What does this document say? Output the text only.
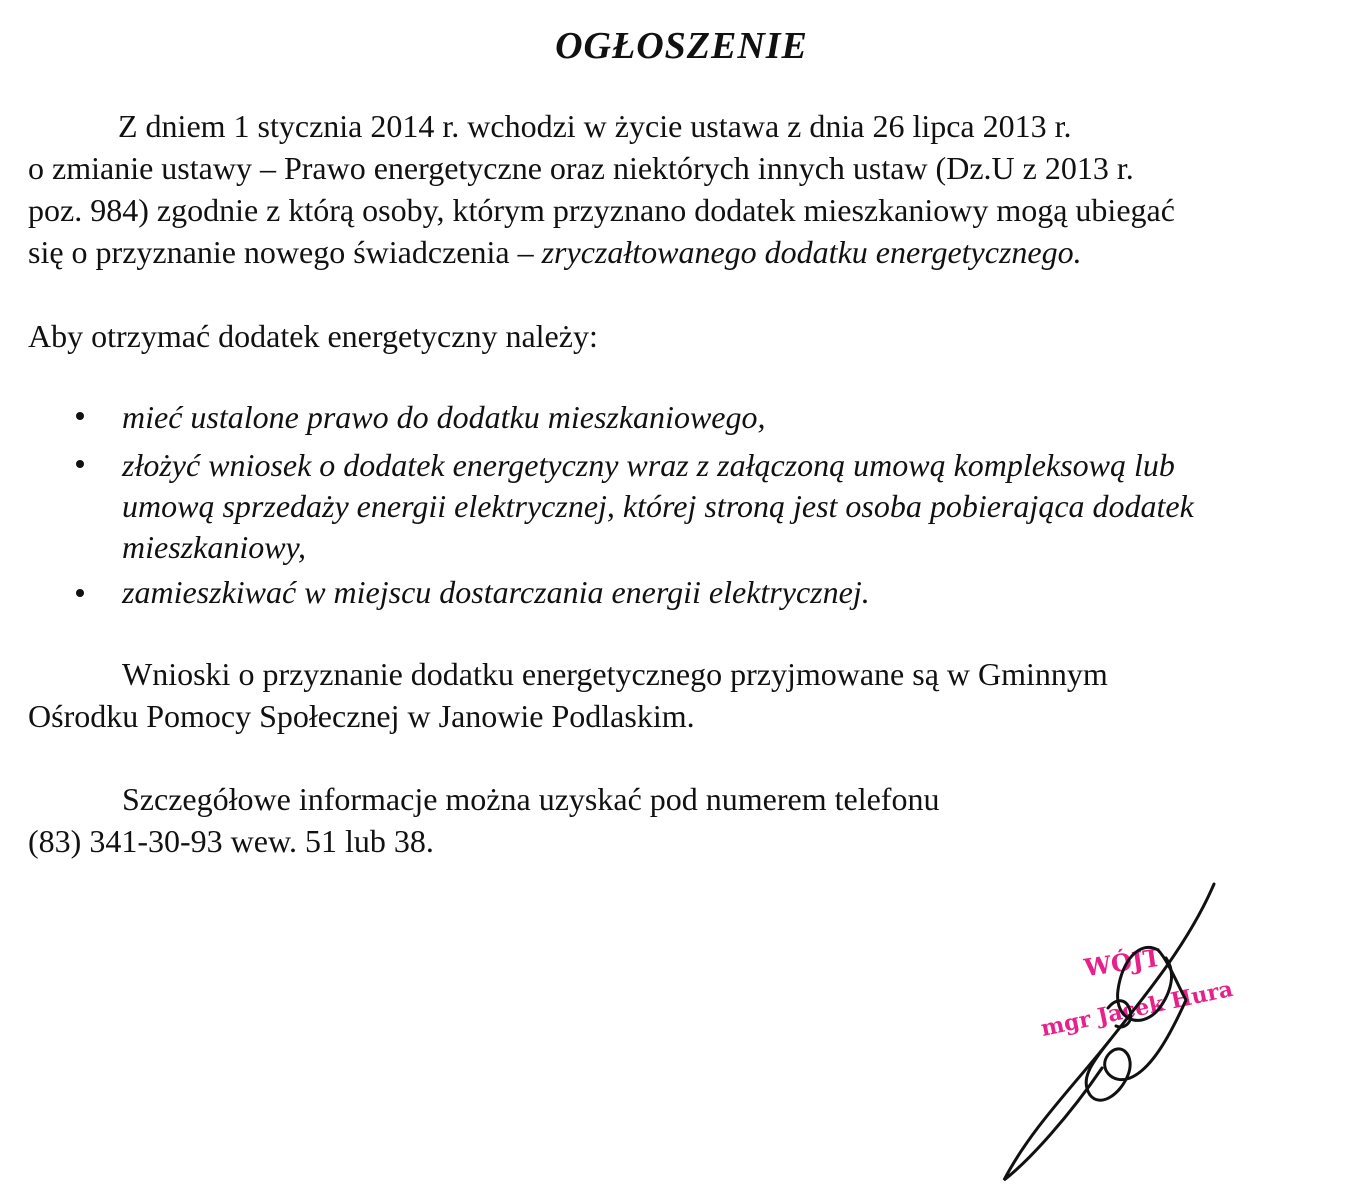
OGŁOSZENIE
Z dniem 1 stycznia 2014 r. wchodzi w życie ustawa z dnia 26 lipca 2013 r.
o zmianie ustawy – Prawo energetyczne oraz niektórych innych ustaw (Dz.U z 2013 r.
poz. 984) zgodnie z którą osoby, którym przyznano dodatek mieszkaniowy mogą ubiegać
się o przyznanie nowego świadczenia – zryczałtowanego dodatku energetycznego.
Aby otrzymać dodatek energetyczny należy:
mieć ustalone prawo do dodatku mieszkaniowego,
złożyć wniosek o dodatek energetyczny wraz z załączoną umową kompleksową lub
umową sprzedaży energii elektrycznej, której stroną jest osoba pobierająca dodatek
mieszkaniowy,
zamieszkiwać w miejscu dostarczania energii elektrycznej.
Wnioski o przyznanie dodatku energetycznego przyjmowane są w Gminnym
Ośrodku Pomocy Społecznej w Janowie Podlaskim.
Szczegółowe informacje można uzyskać pod numerem telefonu
(83) 341-30-93 wew. 51 lub 38.
WÓJT
mgr Jacek Hura
